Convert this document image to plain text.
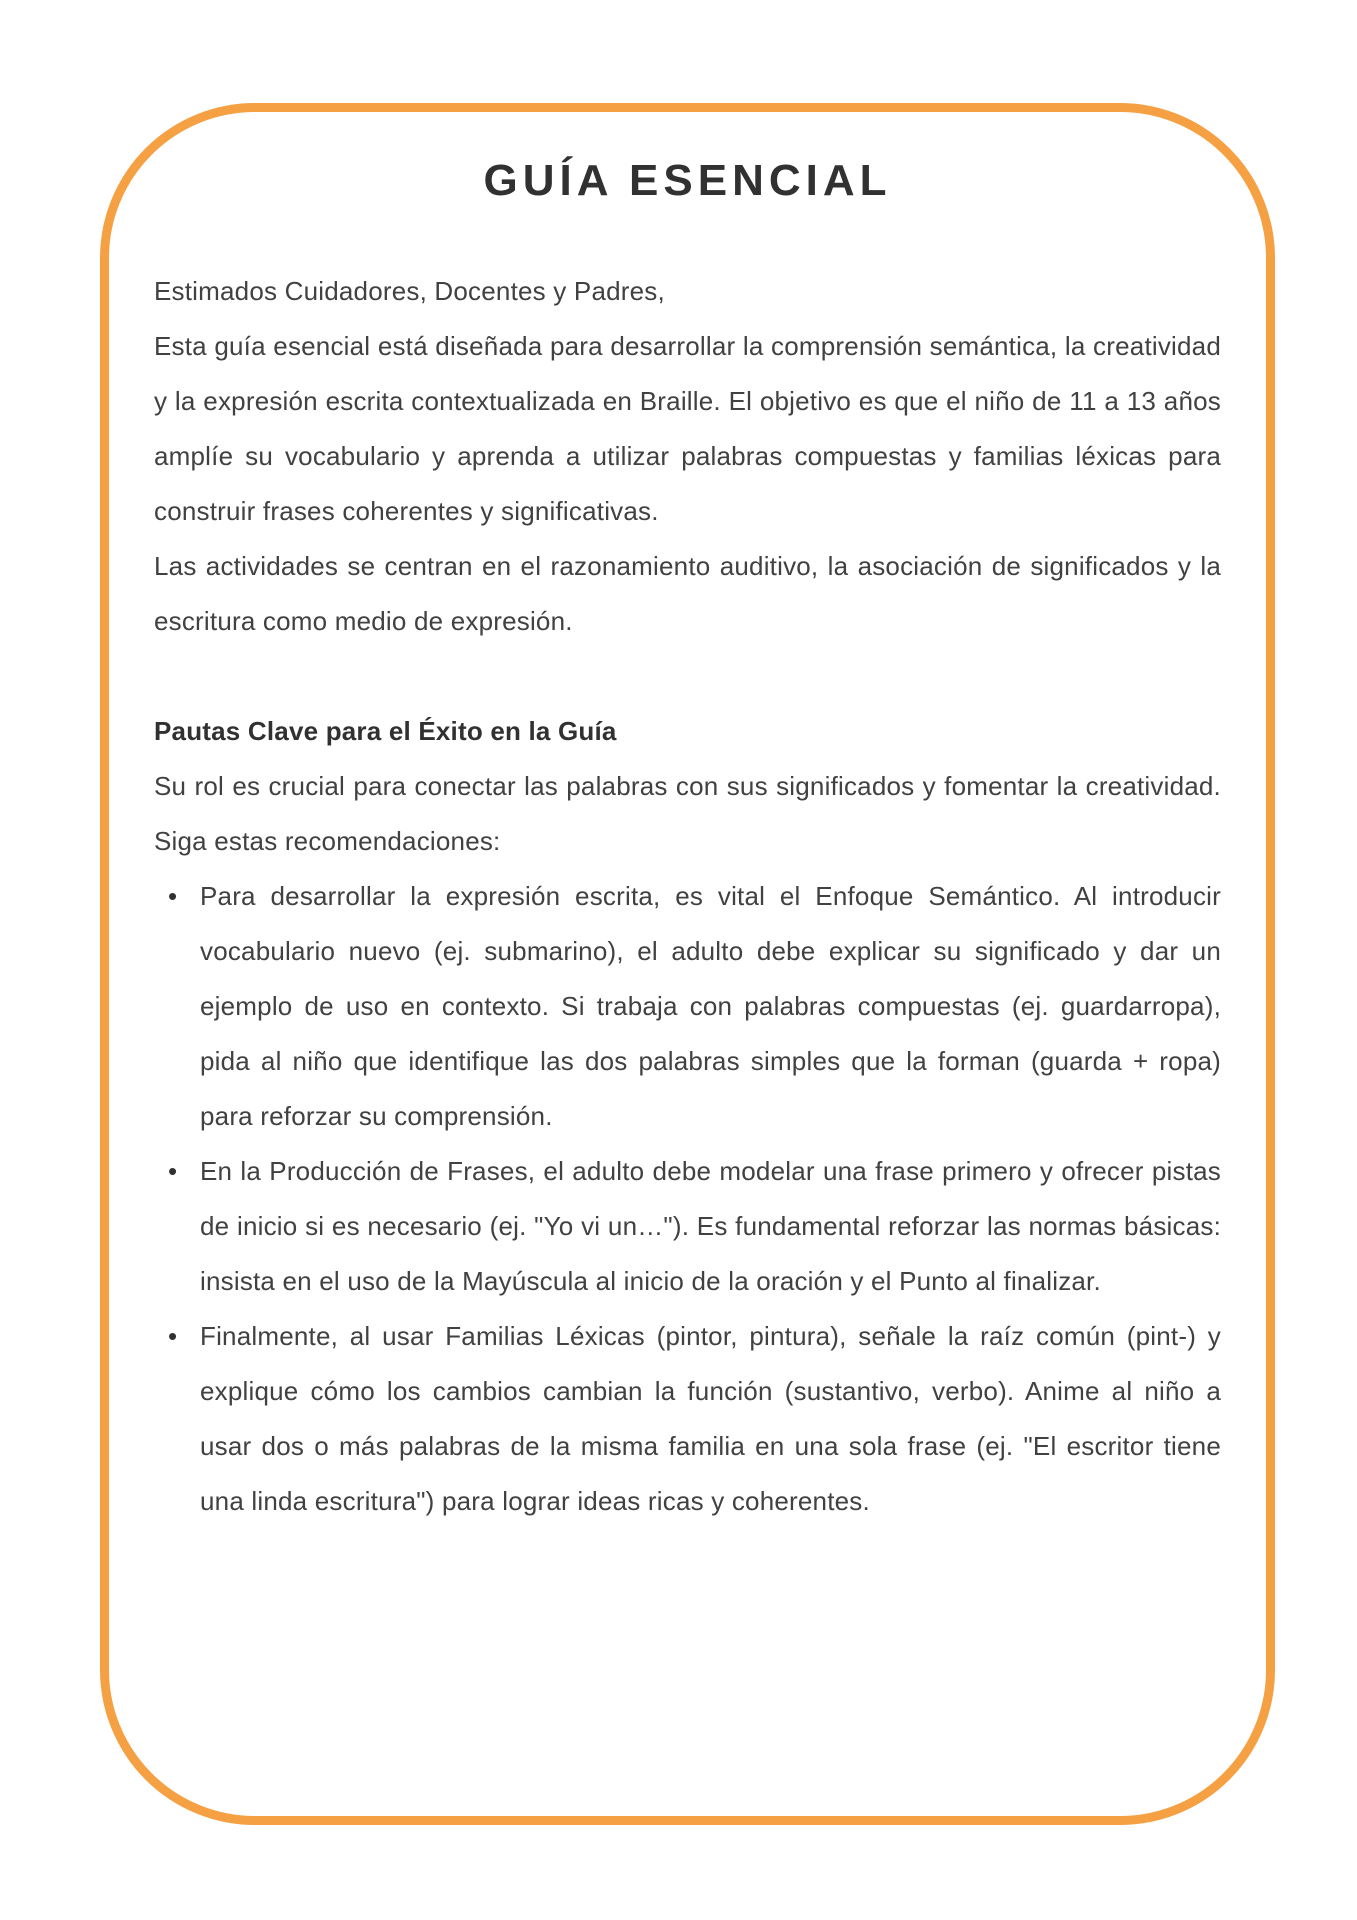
GUÍA ESENCIAL

Estimados Cuidadores, Docentes y Padres,

Esta guía esencial está diseñada para desarrollar la comprensión semántica, la creatividad y la expresión escrita contextualizada en Braille. El objetivo es que el niño de 11 a 13 años amplíe su vocabulario y aprenda a utilizar palabras compuestas y familias léxicas para construir frases coherentes y significativas.

Las actividades se centran en el razonamiento auditivo, la asociación de significados y la escritura como medio de expresión.

Pautas Clave para el Éxito en la Guía

Su rol es crucial para conectar las palabras con sus significados y fomentar la creatividad. Siga estas recomendaciones:

• Para desarrollar la expresión escrita, es vital el Enfoque Semántico. Al introducir vocabulario nuevo (ej. submarino), el adulto debe explicar su significado y dar un ejemplo de uso en contexto. Si trabaja con palabras compuestas (ej. guardarropa), pida al niño que identifique las dos palabras simples que la forman (guarda + ropa) para reforzar su comprensión.
• En la Producción de Frases, el adulto debe modelar una frase primero y ofrecer pistas de inicio si es necesario (ej. "Yo vi un…"). Es fundamental reforzar las normas básicas: insista en el uso de la Mayúscula al inicio de la oración y el Punto al finalizar.
• Finalmente, al usar Familias Léxicas (pintor, pintura), señale la raíz común (pint-) y explique cómo los cambios cambian la función (sustantivo, verbo). Anime al niño a usar dos o más palabras de la misma familia en una sola frase (ej. "El escritor tiene una linda escritura") para lograr ideas ricas y coherentes.
